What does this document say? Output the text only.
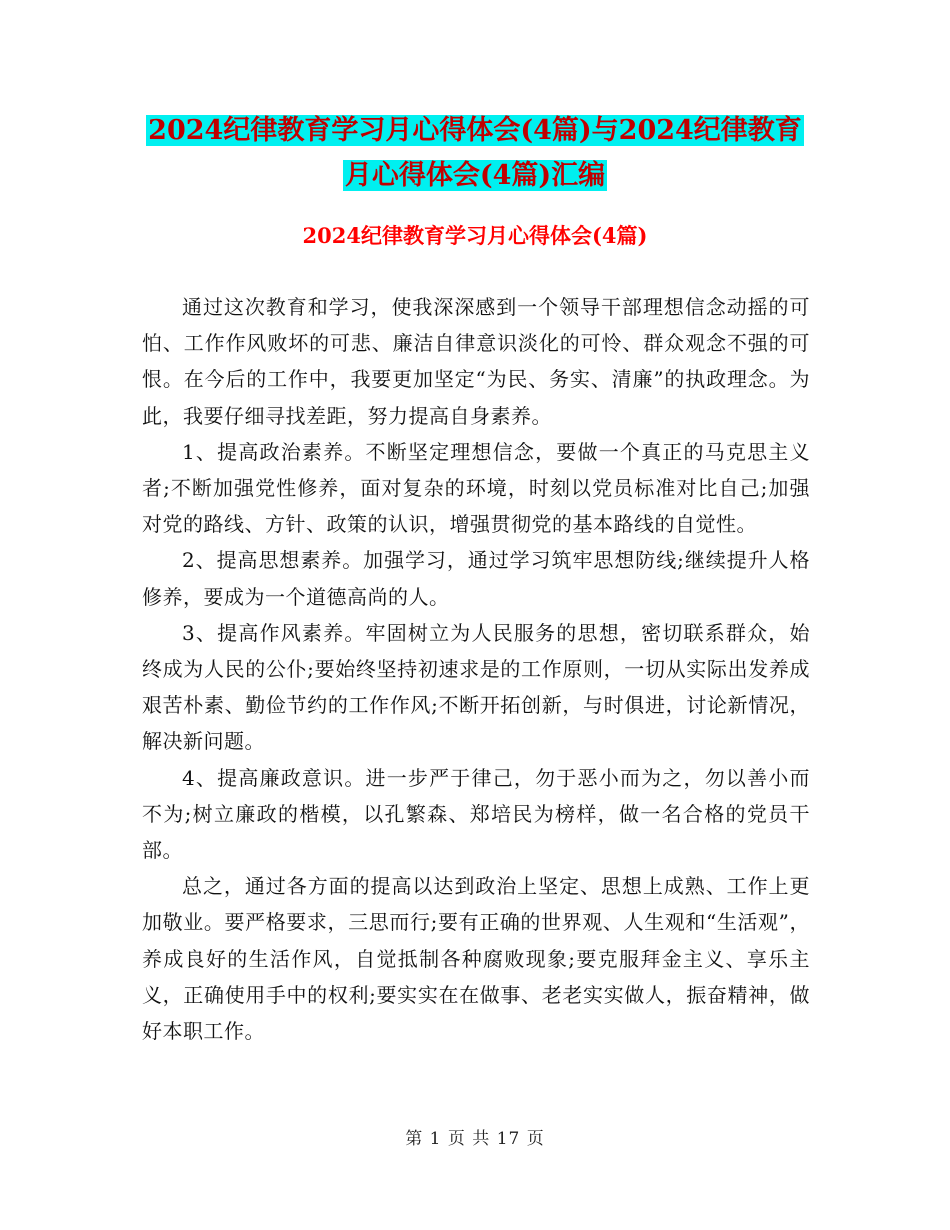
2024纪律教育学习月心得体会(4篇)与2024纪律教育
月心得体会(4篇)汇编
2024纪律教育学习月心得体会(4篇)

通过这次教育和学习，使我深深感到一个领导干部理想信念动摇的可怕、工作作风败坏的可悲、廉洁自律意识淡化的可怜、群众观念不强的可恨。在今后的工作中，我要更加坚定“为民、务实、清廉”的执政理念。为此，我要仔细寻找差距，努力提高自身素养。

1、提高政治素养。不断坚定理想信念，要做一个真正的马克思主义者;不断加强党性修养，面对复杂的环境，时刻以党员标准对比自己;加强对党的路线、方针、政策的认识，增强贯彻党的基本路线的自觉性。

2、提高思想素养。加强学习，通过学习筑牢思想防线;继续提升人格修养，要成为一个道德高尚的人。

3、提高作风素养。牢固树立为人民服务的思想，密切联系群众，始终成为人民的公仆;要始终坚持初速求是的工作原则，一切从实际出发养成艰苦朴素、勤俭节约的工作作风;不断开拓创新，与时俱进，讨论新情况，解决新问题。

4、提高廉政意识。进一步严于律己，勿于恶小而为之，勿以善小而不为;树立廉政的楷模，以孔繁森、郑培民为榜样，做一名合格的党员干部。

总之，通过各方面的提高以达到政治上坚定、思想上成熟、工作上更加敬业。要严格要求，三思而行;要有正确的世界观、人生观和“生活观”，养成良好的生活作风，自觉抵制各种腐败现象;要克服拜金主义、享乐主义，正确使用手中的权利;要实实在在做事、老老实实做人，振奋精神，做好本职工作。

第 1 页 共 17 页
